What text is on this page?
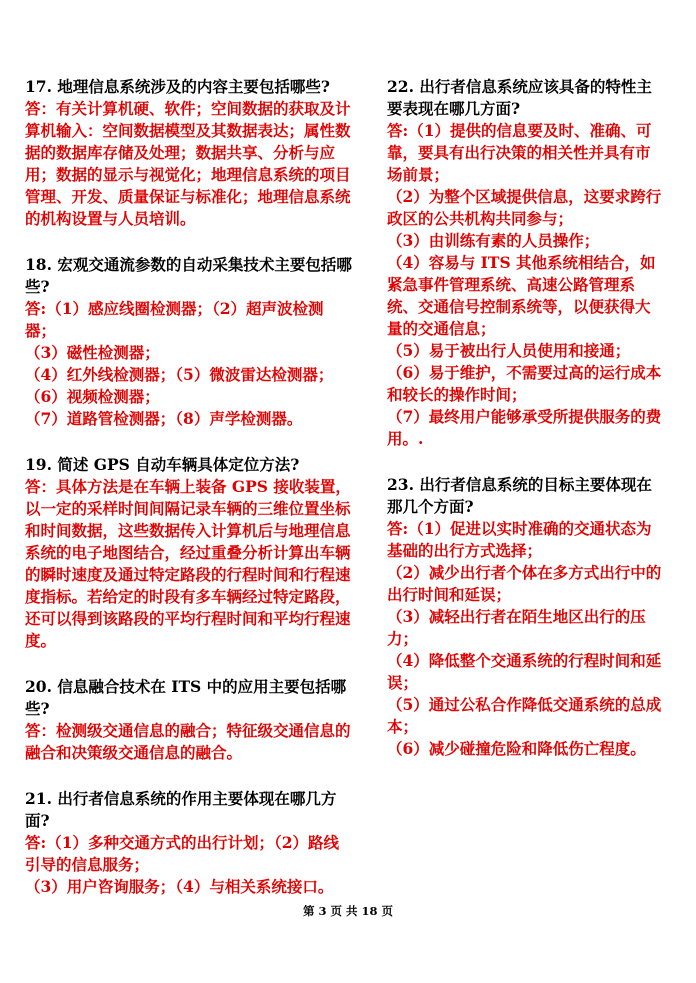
17. 地理信息系统涉及的内容主要包括哪些?

答：有关计算机硬、软件；空间数据的获取及计算机输入：空间数据模型及其数据表达；属性数据的数据库存储及处理；数据共享、分析与应用；数据的显示与视觉化；地理信息系统的项目管理、开发、质量保证与标准化；地理信息系统的机构设置与人员培训。

18. 宏观交通流参数的自动采集技术主要包括哪些?

答:（1）感应线圈检测器；（2）超声波检测器；
（3）磁性检测器；
（4）红外线检测器；（5）微波雷达检测器；
（6）视频检测器；
（7）道路管检测器；（8）声学检测器。

19. 简述 GPS 自动车辆具体定位方法?

答：具体方法是在车辆上装备 GPS 接收装置，以一定的采样时间间隔记录车辆的三维位置坐标和时间数据，这些数据传入计算机后与地理信息系统的电子地图结合，经过重叠分析计算出车辆的瞬时速度及通过特定路段的行程时间和行程速度指标。若给定的时段有多车辆经过特定路段，还可以得到该路段的平均行程时间和平均行程速度。

20. 信息融合技术在 ITS 中的应用主要包括哪些?

答：检测级交通信息的融合；特征级交通信息的融合和决策级交通信息的融合。

21. 出行者信息系统的作用主要体现在哪几方面?

答:（1）多种交通方式的出行计划；（2）路线引导的信息服务；
（3）用户咨询服务；（4）与相关系统接口。

22. 出行者信息系统应该具备的特性主要表现在哪几方面?

答:（1）提供的信息要及时、准确、可靠，要具有出行决策的相关性并具有市场前景；
（2）为整个区域提供信息，这要求跨行政区的公共机构共同参与；
（3）由训练有素的人员操作；
（4）容易与 ITS 其他系统相结合，如紧急事件管理系统、高速公路管理系统、交通信号控制系统等，以便获得大量的交通信息；
（5）易于被出行人员使用和接通；
（6）易于维护，不需要过高的运行成本和较长的操作时间；
（7）最终用户能够承受所提供服务的费用。.

23. 出行者信息系统的目标主要体现在那几个方面?

答:（1）促进以实时准确的交通状态为基础的出行方式选择；
（2）减少出行者个体在多方式出行中的出行时间和延误；
（3）减轻出行者在陌生地区出行的压力；
（4）降低整个交通系统的行程时间和延误；
（5）通过公私合作降低交通系统的总成本；
（6）减少碰撞危险和降低伤亡程度。

第 3 页 共 18 页
